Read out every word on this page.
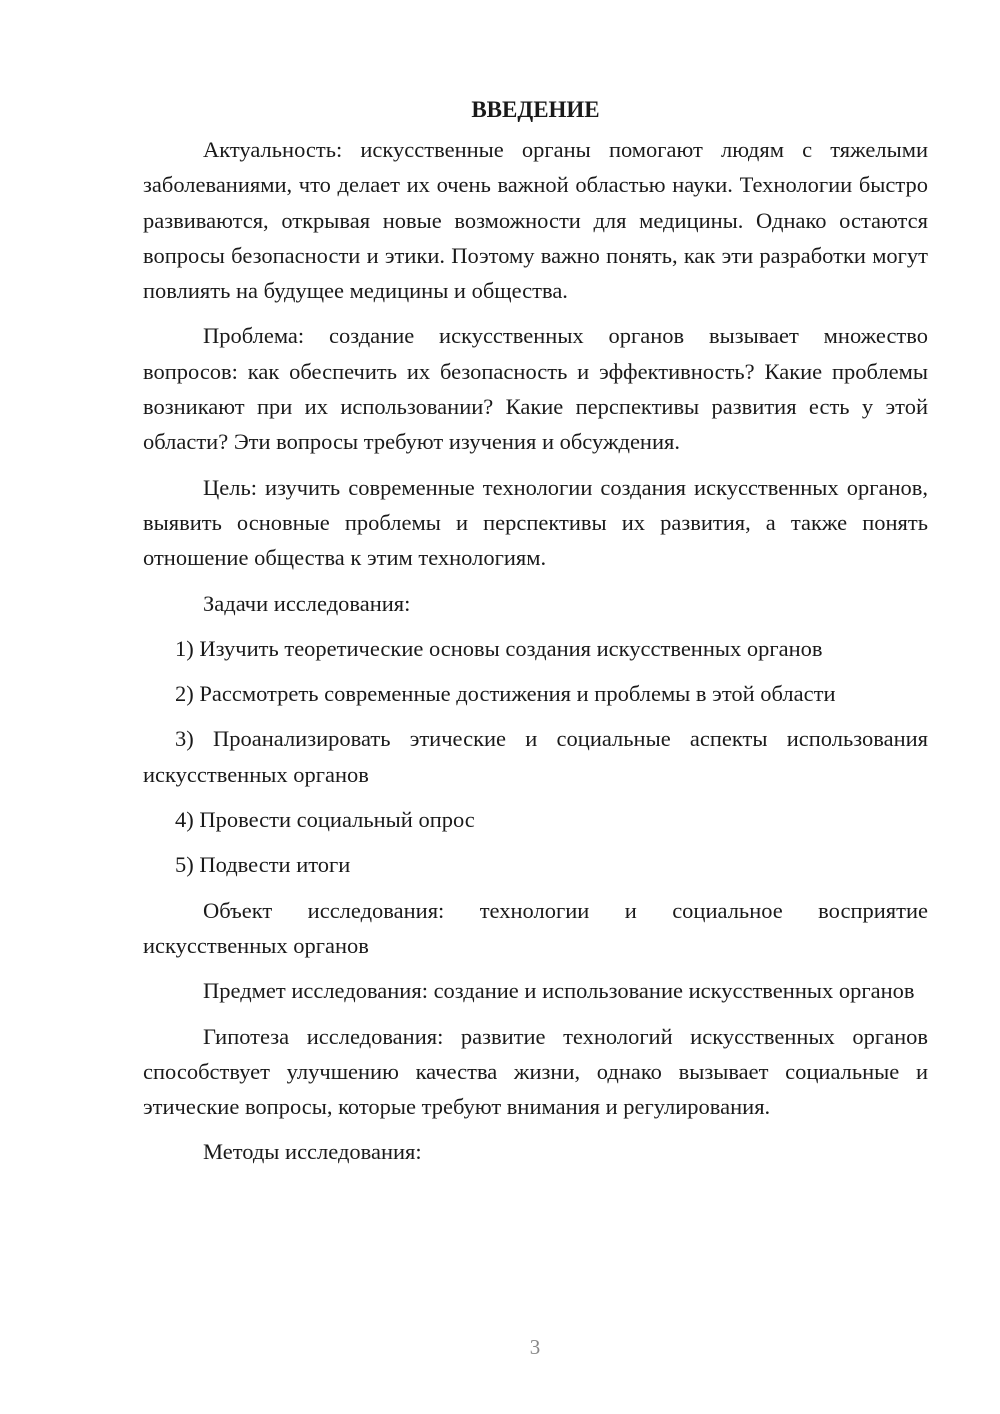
ВВЕДЕНИЕ

Актуальность: искусственные органы помогают людям с тяжелыми заболеваниями, что делает их очень важной областью науки. Технологии быстро развиваются, открывая новые возможности для медицины. Однако остаются вопросы безопасности и этики. Поэтому важно понять, как эти разработки могут повлиять на будущее медицины и общества.

Проблема: создание искусственных органов вызывает множество вопросов: как обеспечить их безопасность и эффективность? Какие проблемы возникают при их использовании? Какие перспективы развития есть у этой области? Эти вопросы требуют изучения и обсуждения.

Цель: изучить современные технологии создания искусственных органов, выявить основные проблемы и перспективы их развития, а также понять отношение общества к этим технологиям.

Задачи исследования:

1) Изучить теоретические основы создания искусственных органов

2) Рассмотреть современные достижения и проблемы в этой области

3) Проанализировать этические и социальные аспекты использования искусственных органов

4) Провести социальный опрос

5) Подвести итоги

Объект исследования: технологии и социальное восприятие искусственных органов

Предмет исследования: создание и использование искусственных органов

Гипотеза исследования: развитие технологий искусственных органов способствует улучшению качества жизни, однако вызывает социальные и этические вопросы, которые требуют внимания и регулирования.

Методы исследования:

3
